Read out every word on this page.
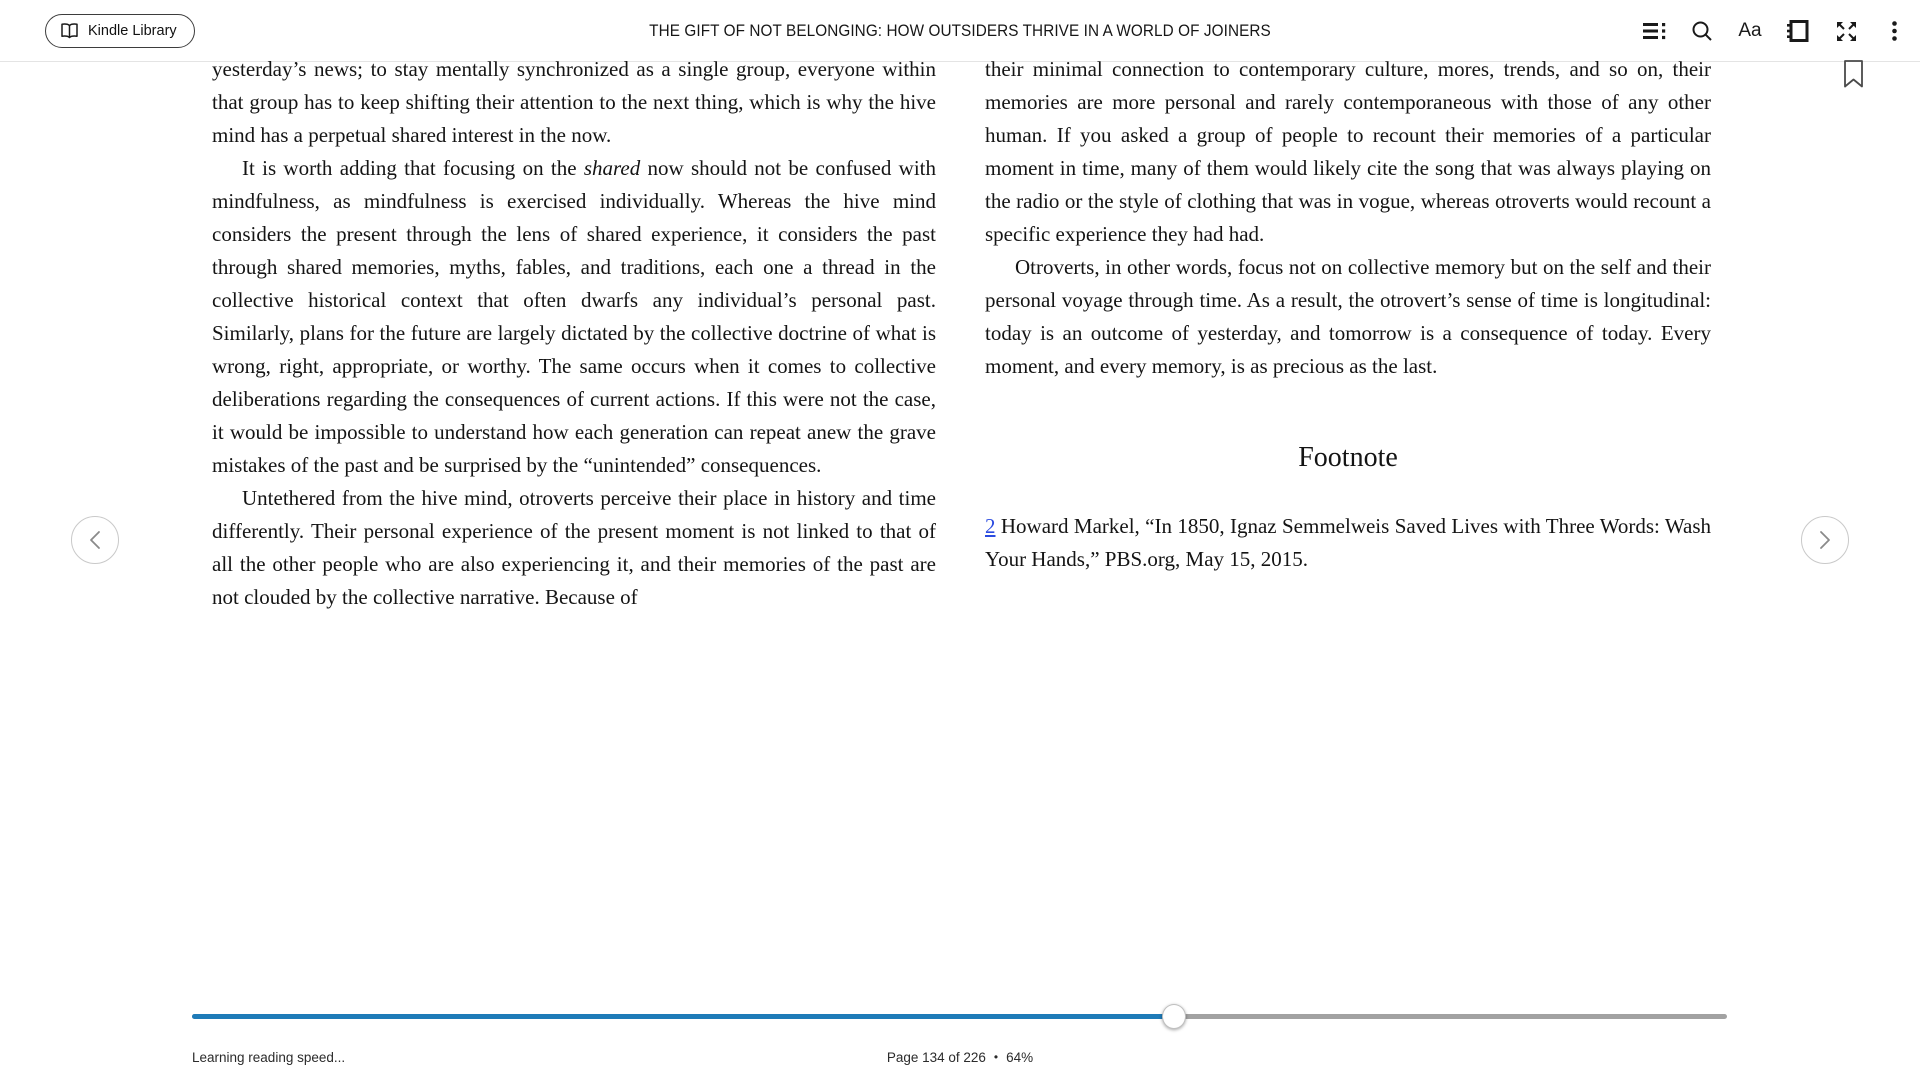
Kindle Library	THE GIFT OF NOT BELONGING: HOW OUTSIDERS THRIVE IN A WORLD OF JOINERS	Aa
yesterday’s news; to stay mentally synchronized as a single group, everyone within that group has to keep shifting their attention to the next thing, which is why the hive mind has a perpetual shared interest in the now.
It is worth adding that focusing on the shared now should not be confused with mindfulness, as mindfulness is exercised individually. Whereas the hive mind considers the present through the lens of shared experience, it considers the past through shared memories, myths, fables, and traditions, each one a thread in the collective historical context that often dwarfs any individual’s personal past. Similarly, plans for the future are largely dictated by the collective doctrine of what is wrong, right, appropriate, or worthy. The same occurs when it comes to collective deliberations regarding the consequences of current actions. If this were not the case, it would be impossible to understand how each generation can repeat anew the grave mistakes of the past and be surprised by the “unintended” consequences.
Untethered from the hive mind, otroverts perceive their place in history and time differently. Their personal experience of the present moment is not linked to that of all the other people who are also experiencing it, and their memories of the past are not clouded by the collective narrative. Because of
their minimal connection to contemporary culture, mores, trends, and so on, their memories are more personal and rarely contemporaneous with those of any other human. If you asked a group of people to recount their memories of a particular moment in time, many of them would likely cite the song that was always playing on the radio or the style of clothing that was in vogue, whereas otroverts would recount a specific experience they had had.
Otroverts, in other words, focus not on collective memory but on the self and their personal voyage through time. As a result, the otrovert’s sense of time is longitudinal: today is an outcome of yesterday, and tomorrow is a consequence of today. Every moment, and every memory, is as precious as the last.
Footnote
2 Howard Markel, “In 1850, Ignaz Semmelweis Saved Lives with Three Words: Wash Your Hands,” PBS.org, May 15, 2015.
Learning reading speed...	Page 134 of 226 • 64%
